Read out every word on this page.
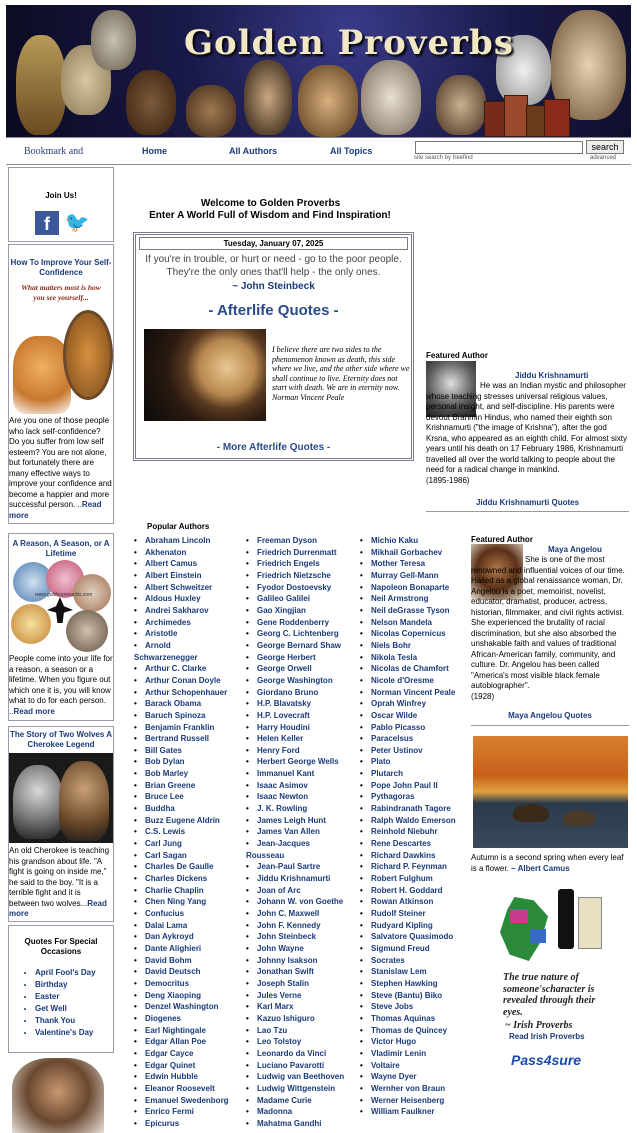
Golden Proverbs
Bookmark and	Home	All Authors	All Topics	search
site search by freefind	advanced
Join Us!
f 🐦
How To Improve Your Self-Confidence
What matters most is how you see yourself...

Are you one of those people who lack self-confidence? Do you suffer from low self esteem? You are not alone, but fortunately there are many effective ways to improve your confidence and become a happier and more successful person. ..Read more

A Reason, A Season, or A Lifetime
www.goldenproverbs.com

People come into your life for a reason, a season or a lifetime. When you figure out which one it is, you will know what to do for each person. ..Read more

The Story of Two Wolves A Cherokee Legend

An old Cherokee is teaching his grandson about life. "A fight is going on inside me," he said to the boy. "It is a terrible fight and it is between two wolves...Read more

Quotes For Special Occasions
• April Fool's Day
• Birthday
• Easter
• Get Well
• Thank You
• Valentine's Day
Welcome to Golden Proverbs
Enter A World Full of Wisdom and Find Inspiration!
Tuesday, January 07, 2025
If you're in trouble, or hurt or need - go to the poor people. They're the only ones that'll help - the only ones.
~ John Steinbeck
- Afterlife Quotes -
I believe there are two sides to the phenomenon known as death, this side where we live, and the other side where we shall continue to live. Eternity does not start with death. We are in eternity now.
Norman Vincent Peale
- More Afterlife Quotes -
Featured Author
Jiddu Krishnamurti
He was an Indian mystic and philosopher whose teaching stresses universal religious values, personal insight, and self-discipline. His parents were devout Brahmin Hindus, who named their eighth son Krishnamurti ("the image of Krishna"), after the god Krsna, who appeared as an eighth child. For almost sixty years until his death on 17 February 1986, Krishnamurti travelled all over the world talking to people about the need for a radical change in mankind.
(1895-1986)
Jiddu Krishnamurti Quotes
Popular Authors
• Abraham Lincoln
• Akhenaton
• Albert Camus
• Albert Einstein
• Albert Schweitzer
• Aldous Huxley
• Andrei Sakharov
• Archimedes
• Aristotle
• Arnold
Schwarzenegger
• Arthur C. Clarke
• Arthur Conan Doyle
• Arthur Schopenhauer
• Barack Obama
• Baruch Spinoza
• Benjamin Franklin
• Bertrand Russell
• Bill Gates
• Bob Dylan
• Bob Marley
• Brian Greene
• Bruce Lee
• Buddha
• Buzz Eugene Aldrin
• C.S. Lewis
• Carl Jung
• Carl Sagan
• Charles De Gaulle
• Charles Dickens
• Charlie Chaplin
• Chen Ning Yang
• Confucius
• Dalai Lama
• Dan Aykroyd
• Dante Alighieri
• David Bohm
• David Deutsch
• Democritus
• Deng Xiaoping
• Denzel Washington
• Diogenes
• Earl Nightingale
• Edgar Allan Poe
• Edgar Cayce
• Edgar Quinet
• Edwin Hubble
• Eleanor Roosevelt
• Emanuel Swedenborg
• Enrico Fermi
• Epicurus
• Freeman Dyson
• Friedrich Durrenmatt
• Friedrich Engels
• Friedrich Nietzsche
• Fyodor Dostoevsky
• Galileo Galilei
• Gao Xingjian
• Gene Roddenberry
• Georg C. Lichtenberg
• George Bernard Shaw
• George Herbert
• George Orwell
• George Washington
• Giordano Bruno
• H.P. Blavatsky
• H.P. Lovecraft
• Harry Houdini
• Helen Keller
• Henry Ford
• Herbert George Wells
• Immanuel Kant
• Isaac Asimov
• Isaac Newton
• J. K. Rowling
• James Leigh Hunt
• James Van Allen
• Jean-Jacques
Rousseau
• Jean-Paul Sartre
• Jiddu Krishnamurti
• Joan of Arc
• Johann W. von Goethe
• John C. Maxwell
• John F. Kennedy
• John Steinbeck
• John Wayne
• Johnny Isakson
• Jonathan Swift
• Joseph Stalin
• Jules Verne
• Karl Marx
• Kazuo Ishiguro
• Lao Tzu
• Leo Tolstoy
• Leonardo da Vinci
• Luciano Pavarotti
• Ludwig van Beethoven
• Ludwig Wittgenstein
• Madame Curie
• Madonna
• Mahatma Gandhi
• Michio Kaku
• Mikhail Gorbachev
• Mother Teresa
• Murray Gell-Mann
• Napoleon Bonaparte
• Neil Armstrong
• Neil deGrasse Tyson
• Nelson Mandela
• Nicolas Copernicus
• Niels Bohr
• Nikola Tesla
• Nicolas de Chamfort
• Nicole d'Oresme
• Norman Vincent Peale
• Oprah Winfrey
• Oscar Wilde
• Pablo Picasso
• Paracelsus
• Peter Ustinov
• Plato
• Plutarch
• Pope John Paul II
• Pythagoras
• Rabindranath Tagore
• Ralph Waldo Emerson
• Reinhold Niebuhr
• Rene Descartes
• Richard Dawkins
• Richard P. Feynman
• Robert Fulghum
• Robert H. Goddard
• Rowan Atkinson
• Rudolf Steiner
• Rudyard Kipling
• Salvatore Quasimodo
• Sigmund Freud
• Socrates
• Stanislaw Lem
• Stephen Hawking
• Steve (Bantu) Biko
• Steve Jobs
• Thomas Aquinas
• Thomas de Quincey
• Victor Hugo
• Vladimir Lenin
• Voltaire
• Wayne Dyer
• Wernher von Braun
• Werner Heisenberg
• William Faulkner
Featured Author
Maya Angelou
She is one of the most renowned and influential voices of our time. Hailed as a global renaissance woman, Dr. Angelou is a poet, memoirist, novelist, educator, dramatist, producer, actress, historian, filmmaker, and civil rights activist. She experienced the brutality of racial discrimination, but she also absorbed the unshakable faith and values of traditional African-American family, community, and culture. Dr. Angelou has been called "America's most visible black female autobiographer".
(1928)
Maya Angelou Quotes
Autumn is a second spring when every leaf is a flower. ~ Albert Camus
The true nature of someone'scharacter is revealed through their eyes.
~ Irish Proverbs
Read Irish Proverbs
Pass4sure
